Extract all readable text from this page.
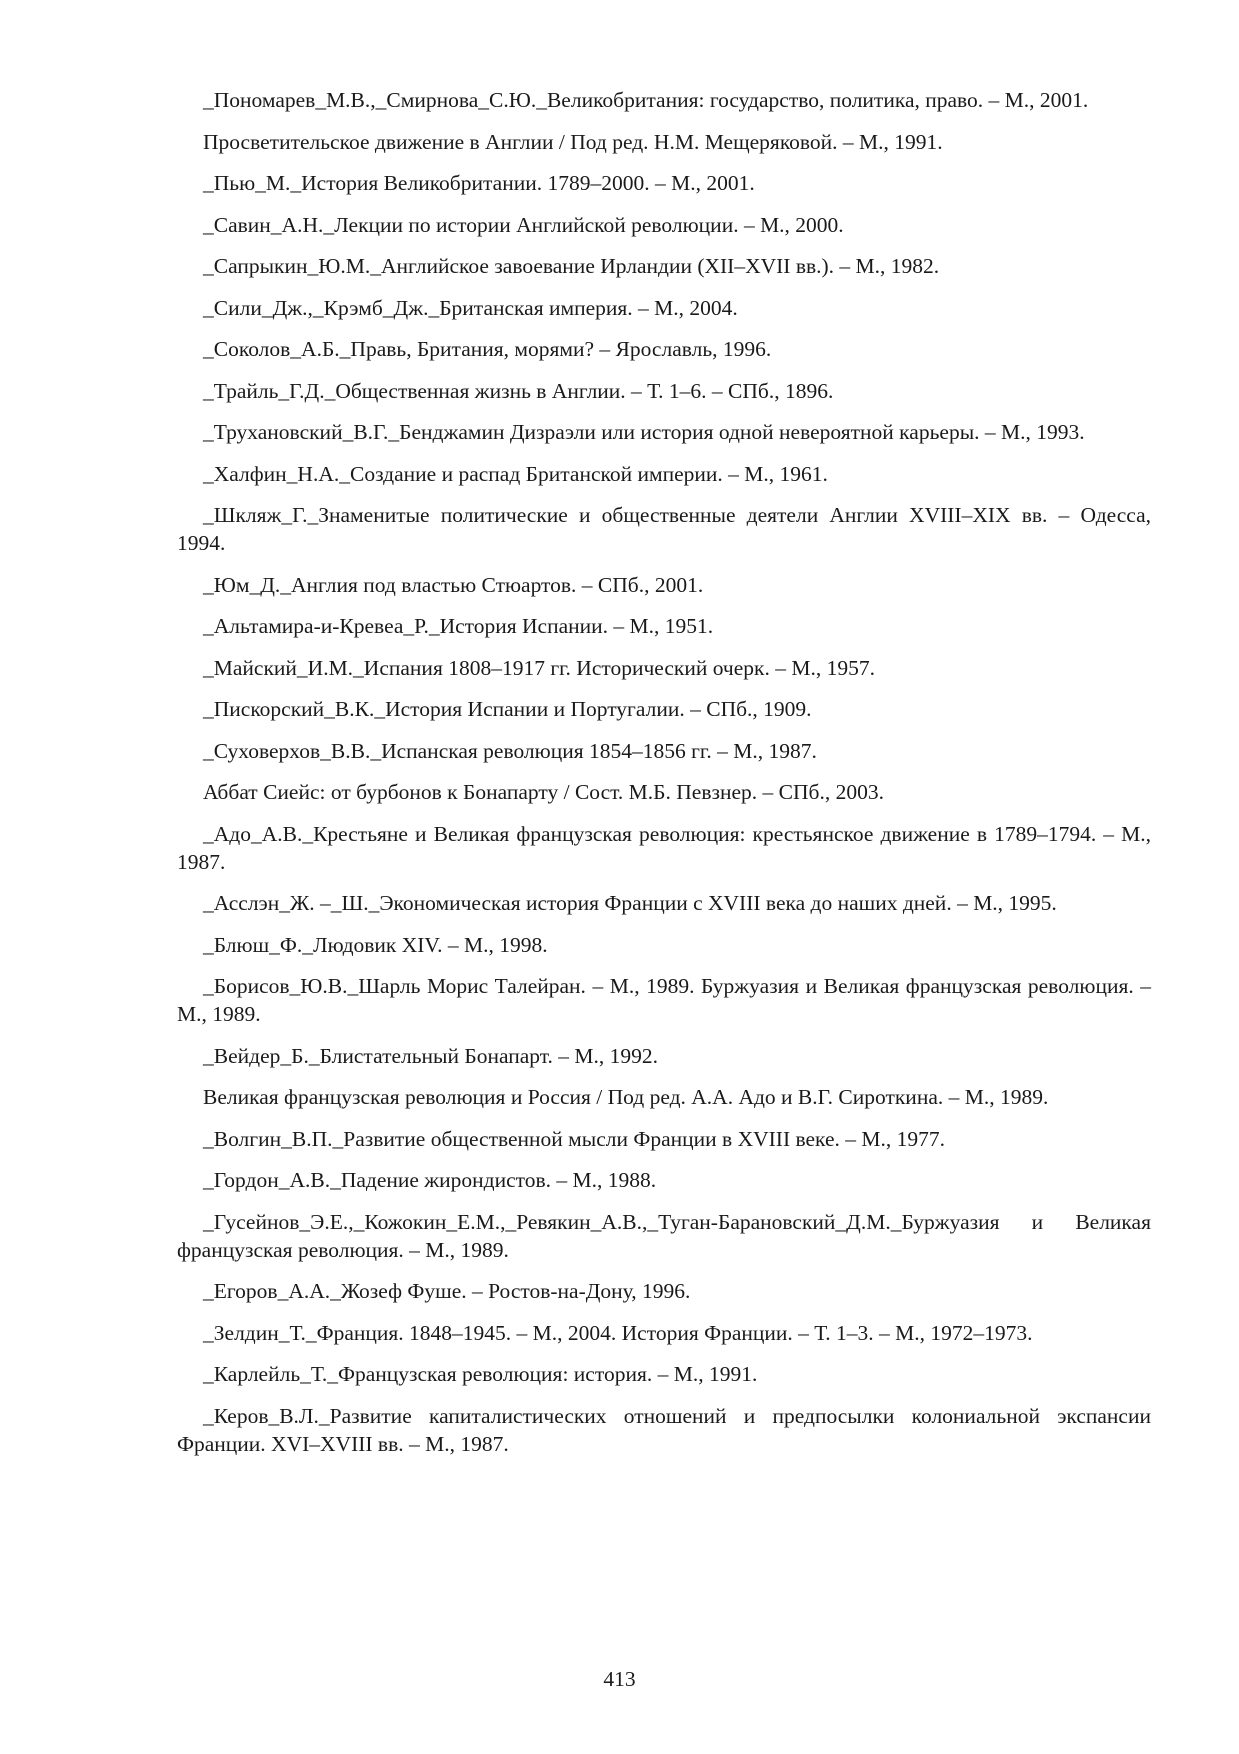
_Пономарев_М.В.,_Смирнова_С.Ю._Великобритания: государство, политика, право. – М., 2001.

Просветительское движение в Англии / Под ред. Н.М. Мещеряковой. – М., 1991.

_Пью_М._История Великобритании. 1789–2000. – М., 2001.

_Савин_А.Н._Лекции по истории Английской революции. – М., 2000.

_Сапрыкин_Ю.М._Английское завоевание Ирландии (XII–XVII вв.). – М., 1982.

_Сили_Дж.,_Крэмб_Дж._Британская империя. – М., 2004.

_Соколов_А.Б._Правь, Британия, морями? – Ярославль, 1996.

_Трайль_Г.Д._Общественная жизнь в Англии. – Т. 1–6. – СПб., 1896.

_Трухановский_В.Г._Бенджамин Дизраэли или история одной невероятной карьеры. – М., 1993.

_Халфин_Н.А._Создание и распад Британской империи. – М., 1961.

_Шкляж_Г._Знаменитые политические и общественные деятели Англии XVIII–XIX вв. – Одесса, 1994.

_Юм_Д._Англия под властью Стюартов. – СПб., 2001.

_Альтамира-и-Кревеа_Р._История Испании. – М., 1951.

_Майский_И.М._Испания 1808–1917 гг. Исторический очерк. – М., 1957.

_Пискорский_В.К._История Испании и Португалии. – СПб., 1909.

_Суховерхов_В.В._Испанская революция 1854–1856 гг. – М., 1987.

Аббат Сиейс: от бурбонов к Бонапарту / Сост. М.Б. Певзнер. – СПб., 2003.

_Адо_А.В._Крестьяне и Великая французская революция: крестьянское движение в 1789–1794. – М., 1987.

_Асслэн_Ж. –_Ш._Экономическая история Франции с XVIII века до наших дней. – М., 1995.

_Блюш_Ф._Людовик XIV. – М., 1998.

_Борисов_Ю.В._Шарль Морис Талейран. – М., 1989. Буржуазия и Великая французская революция. – М., 1989.

_Вейдер_Б._Блистательный Бонапарт. – М., 1992.

Великая французская революция и Россия / Под ред. А.А. Адо и В.Г. Сироткина. – М., 1989.

_Волгин_В.П._Развитие общественной мысли Франции в XVIII веке. – М., 1977.

_Гордон_А.В._Падение жирондистов. – М., 1988.

_Гусейнов_Э.Е.,_Кожокин_Е.М.,_Ревякин_А.В.,_Туган-Барановский_Д.М._Буржуазия и Великая французская революция. – М., 1989.

_Егоров_А.А._Жозеф Фуше. – Ростов-на-Дону, 1996.

_Зелдин_Т._Франция. 1848–1945. – М., 2004. История Франции. – Т. 1–3. – М., 1972–1973.

_Карлейль_Т._Французская революция: история. – М., 1991.

_Керов_В.Л._Развитие капиталистических отношений и предпосылки колониальной экспансии Франции. XVI–XVIII вв. – М., 1987.

413
